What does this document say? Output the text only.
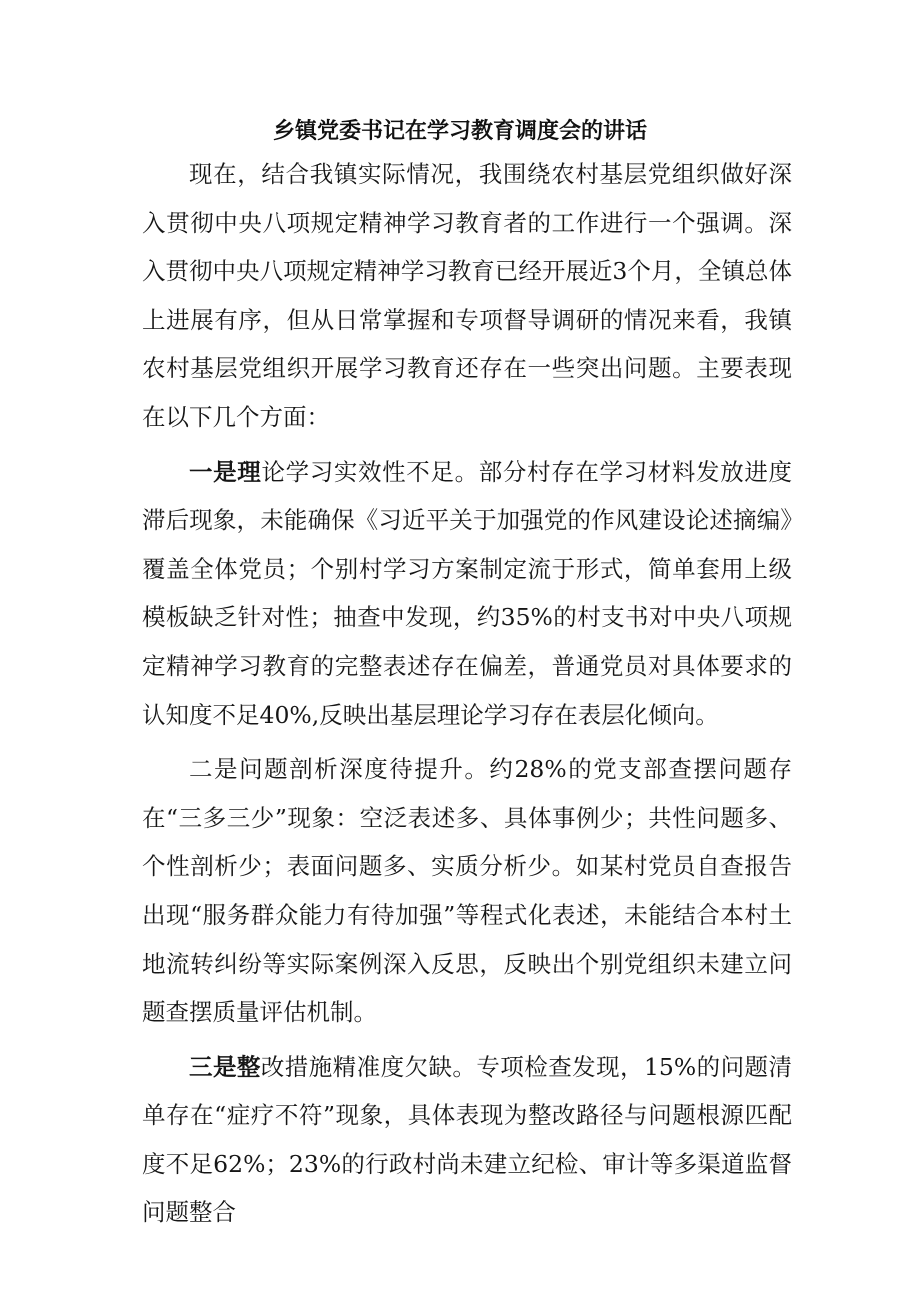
乡镇党委书记在学习教育调度会的讲话

现在，结合我镇实际情况，我围绕农村基层党组织做好深入贯彻中央八项规定精神学习教育者的工作进行一个强调。深入贯彻中央八项规定精神学习教育已经开展近3个月，全镇总体上进展有序，但从日常掌握和专项督导调研的情况来看，我镇农村基层党组织开展学习教育还存在一些突出问题。主要表现在以下几个方面：

一是理论学习实效性不足。部分村存在学习材料发放进度滞后现象，未能确保《习近平关于加强党的作风建设论述摘编》覆盖全体党员；个别村学习方案制定流于形式，简单套用上级模板缺乏针对性；抽查中发现，约35%的村支书对中央八项规定精神学习教育的完整表述存在偏差，普通党员对具体要求的认知度不足40%,反映出基层理论学习存在表层化倾向。

二是问题剖析深度待提升。约28%的党支部查摆问题存在“三多三少”现象：空泛表述多、具体事例少；共性问题多、个性剖析少；表面问题多、实质分析少。如某村党员自查报告出现“服务群众能力有待加强”等程式化表述，未能结合本村土地流转纠纷等实际案例深入反思，反映出个别党组织未建立问题查摆质量评估机制。

三是整改措施精准度欠缺。专项检查发现，15%的问题清单存在“症疗不符”现象，具体表现为整改路径与问题根源匹配度不足62%；23%的行政村尚未建立纪检、审计等多渠道监督问题整合
